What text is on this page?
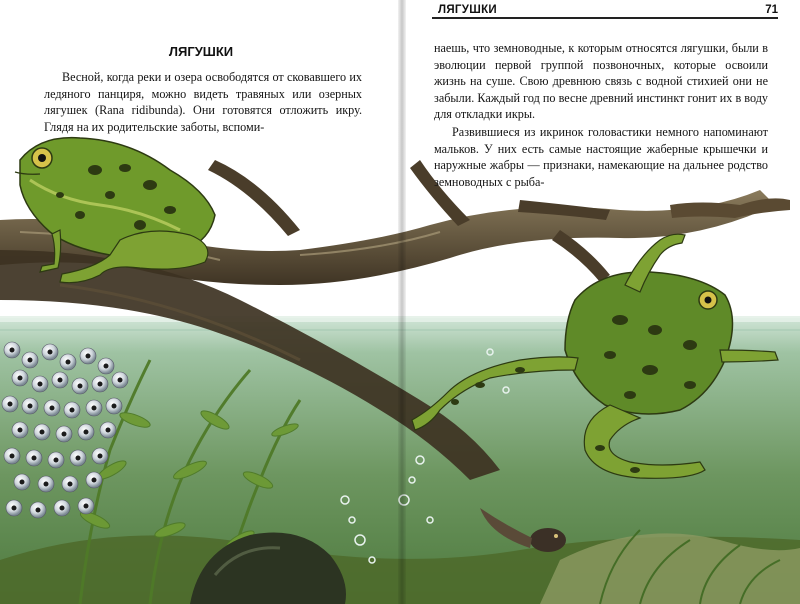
ЛЯГУШКИ

Весной, когда реки и озера освободятся от сковавшего их ледяного панциря, можно видеть травяных или озерных лягушек (Rana ridibunda). Они готовятся отложить икру. Глядя на их родительские заботы, вспоми-

наешь, что земноводные, к которым относятся лягушки, были в эволюции первой группой позвоночных, которые освоили жизнь на суше. Свою древнюю связь с водной стихией они не забыли. Каждый год по весне древний инстинкт гонит их в воду для откладки икры.

Развившиеся из икринок головастики немного напоминают мальков. У них есть самые настоящие жаберные крышечки и наружные жабры — признаки, намекающие на дальнее родство земноводных с рыба-

ЛЯГУШКИ	71
